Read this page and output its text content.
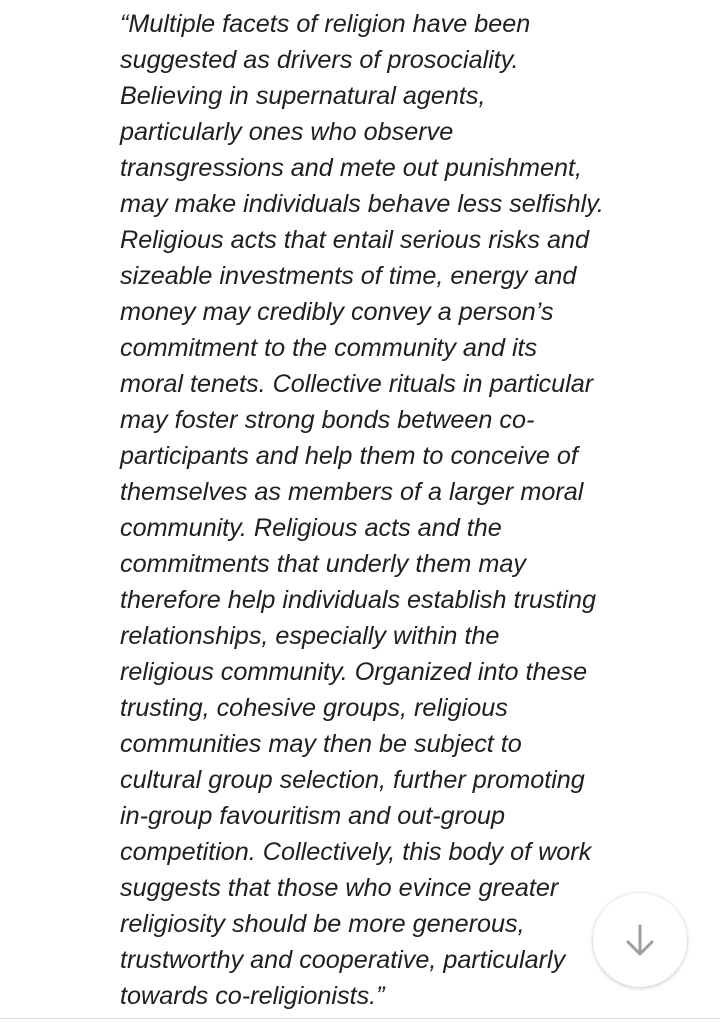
“Multiple facets of religion have been
suggested as drivers of prosociality.
Believing in supernatural agents,
particularly ones who observe
transgressions and mete out punishment,
may make individuals behave less selfishly.
Religious acts that entail serious risks and
sizeable investments of time, energy and
money may credibly convey a person’s
commitment to the community and its
moral tenets. Collective rituals in particular
may foster strong bonds between co-
participants and help them to conceive of
themselves as members of a larger moral
community. Religious acts and the
commitments that underly them may
therefore help individuals establish trusting
relationships, especially within the
religious community. Organized into these
trusting, cohesive groups, religious
communities may then be subject to
cultural group selection, further promoting
in-group favouritism and out-group
competition. Collectively, this body of work
suggests that those who evince greater
religiosity should be more generous,
trustworthy and cooperative, particularly
towards co-religionists.”
